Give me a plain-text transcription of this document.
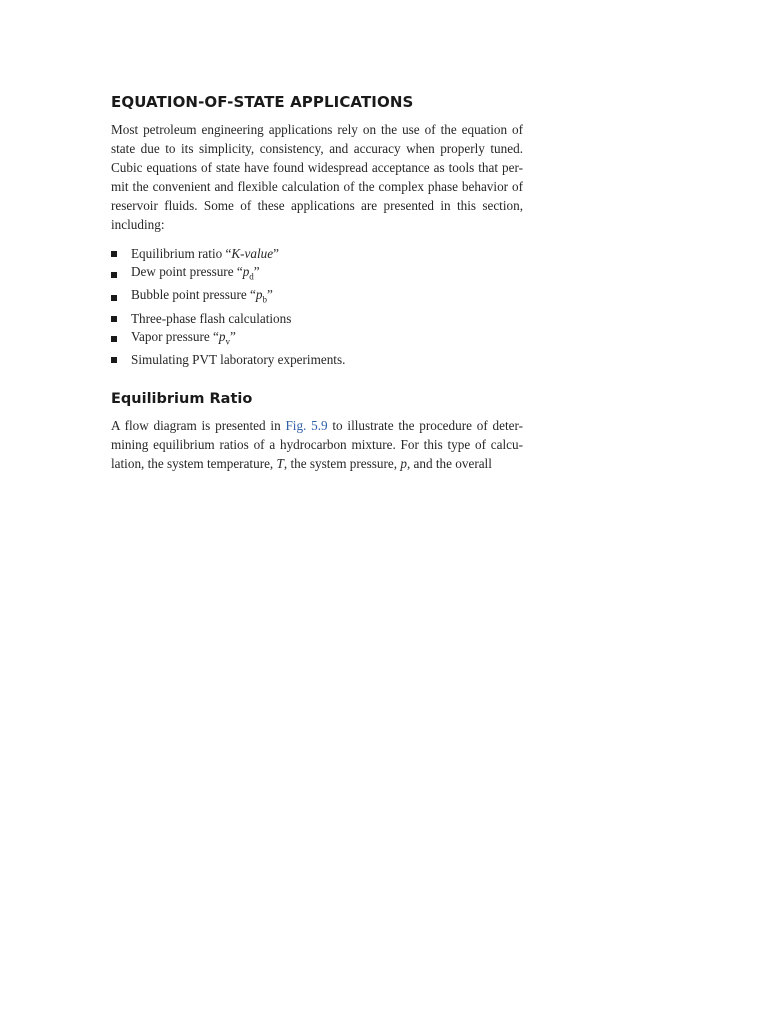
EQUATION-OF-STATE APPLICATIONS

Most petroleum engineering applications rely on the use of the equation of state due to its simplicity, consistency, and accuracy when properly tuned. Cubic equations of state have found widespread acceptance as tools that per- mit the convenient and flexible calculation of the complex phase behavior of reservoir fluids. Some of these applications are presented in this section, including:

Equilibrium ratio “K-value”
Dew point pressure “$p_d$”
Bubble point pressure “$p_b$”
Three-phase flash calculations
Vapor pressure “$p_v$”
Simulating PVT laboratory experiments.
Equilibrium Ratio

A flow diagram is presented in Fig. 5.9 to illustrate the procedure of deter- mining equilibrium ratios of a hydrocarbon mixture. For this type of calcu- lation, the system temperature, T, the system pressure, p, and the overall
